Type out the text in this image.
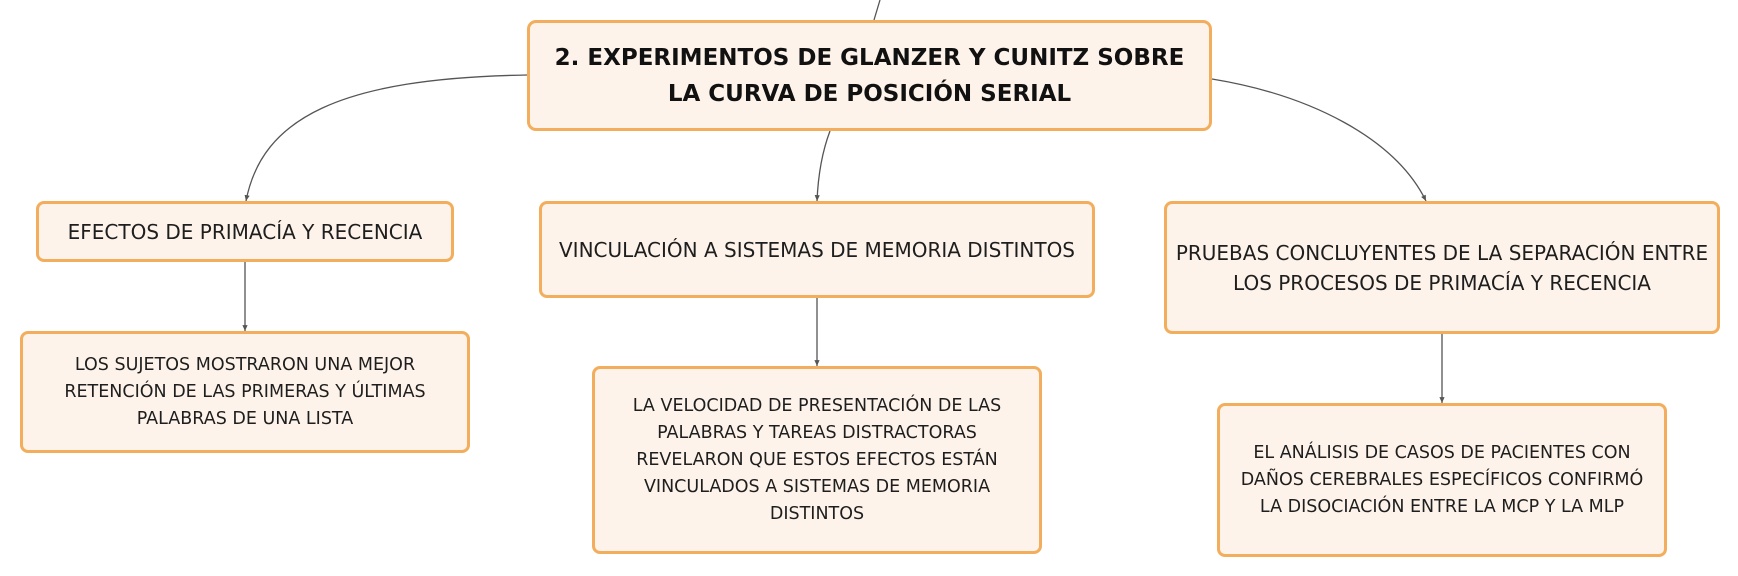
2. EXPERIMENTOS DE GLANZER Y CUNITZ SOBRE LA CURVA DE POSICIÓN SERIAL
EFECTOS DE PRIMACÍA Y RECENCIA
VINCULACIÓN A SISTEMAS DE MEMORIA DISTINTOS	PRUEBAS CONCLUYENTES DE LA SEPARACIÓN ENTRE LOS PROCESOS DE PRIMACÍA Y RECENCIA
LOS SUJETOS MOSTRARON UNA MEJOR RETENCIÓN DE LAS PRIMERAS Y ÚLTIMAS PALABRAS DE UNA LISTA
LA VELOCIDAD DE PRESENTACIÓN DE LAS PALABRAS Y TAREAS DISTRACTORAS REVELARON QUE ESTOS EFECTOS ESTÁN VINCULADOS A SISTEMAS DE MEMORIA DISTINTOS
EL ANÁLISIS DE CASOS DE PACIENTES CON DAÑOS CEREBRALES ESPECÍFICOS CONFIRMÓ LA DISOCIACIÓN ENTRE LA MCP Y LA MLP
